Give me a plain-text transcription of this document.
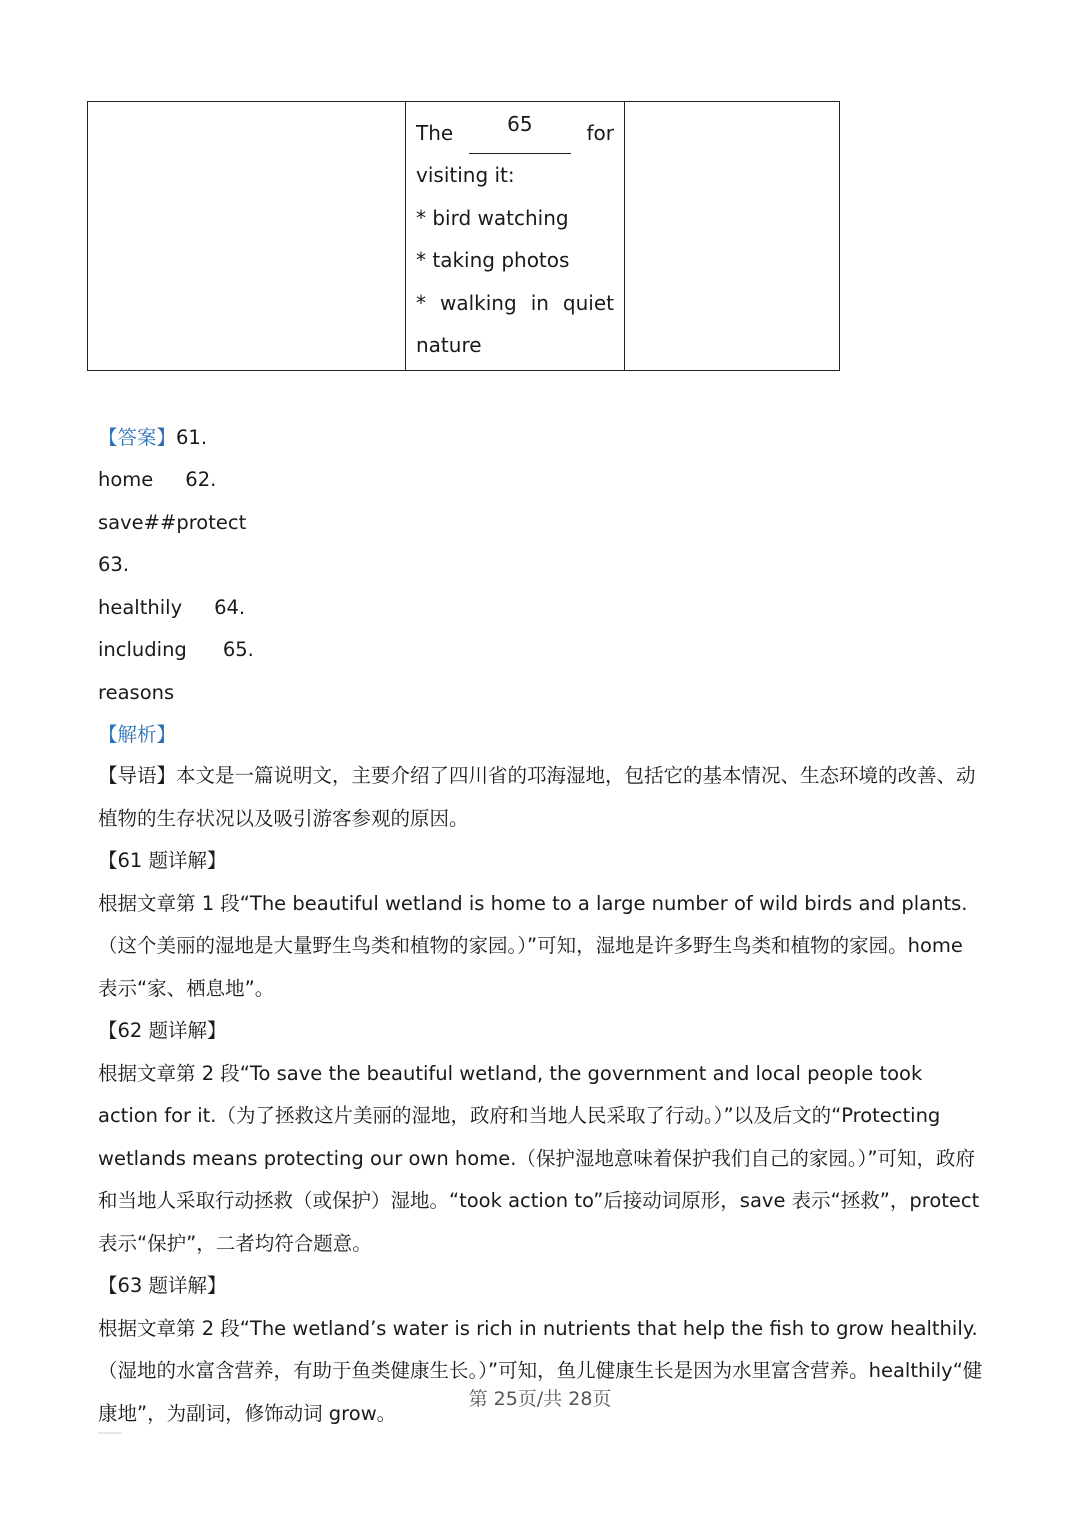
The	65	for
visiting it:
* bird watching
* taking photos
* walking in quiet
nature

【答案】61.
home 62.
save##protect
63.
healthily 64.
including 65.
reasons
【解析】

【导语】本文是一篇说明文，主要介绍了四川省的邛海湿地，包括它的基本情况、生态环境的改善、动植物的生存状况以及吸引游客参观的原因。

【61 题详解】

根据文章第 1 段“The beautiful wetland is home to a large number of wild birds and plants.（这个美丽的湿地是大量野生鸟类和植物的家园。）”可知，湿地是许多野生鸟类和植物的家园。home 表示“家、栖息地”。

【62 题详解】

根据文章第 2 段“To save the beautiful wetland, the government and local people took action for it.（为了拯救这片美丽的湿地，政府和当地人民采取了行动。）”以及后文的“Protecting wetlands means protecting our own home.（保护湿地意味着保护我们自己的家园。）”可知，政府和当地人采取行动拯救（或保护）湿地。“took action to”后接动词原形，save 表示“拯救”，protect 表示“保护”，二者均符合题意。

【63 题详解】

根据文章第 2 段“The wetland’s water is rich in nutrients that help the fish to grow healthily.（湿地的水富含营养，有助于鱼类健康生长。）”可知，鱼儿健康生长是因为水里富含营养。healthily“健康地”，为副词，修饰动词 grow。

第 25页/共 28页
